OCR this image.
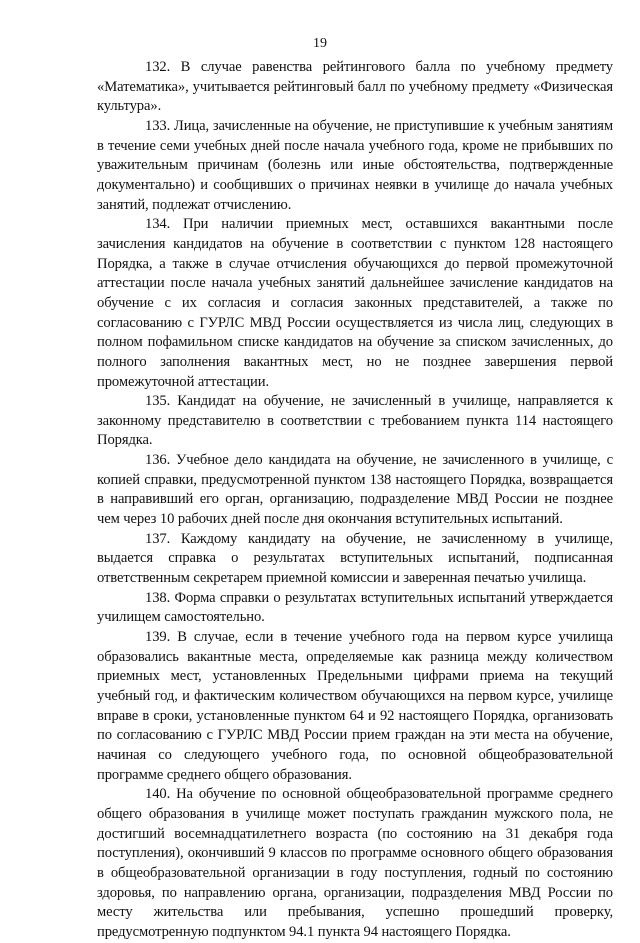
19

132. В случае равенства рейтингового балла по учебному предмету «Математика», учитывается рейтинговый балл по учебному предмету «Физическая культура».

133. Лица, зачисленные на обучение, не приступившие к учебным занятиям в течение семи учебных дней после начала учебного года, кроме не прибывших по уважительным причинам (болезнь или иные обстоятельства, подтвержденные документально) и сообщивших о причинах неявки в училище до начала учебных занятий, подлежат отчислению.

134. При наличии приемных мест, оставшихся вакантными после зачисления кандидатов на обучение в соответствии с пунктом 128 настоящего Порядка, а также в случае отчисления обучающихся до первой промежуточной аттестации после начала учебных занятий дальнейшее зачисление кандидатов на обучение с их согласия и согласия законных представителей, а также по согласованию с ГУРЛС МВД России осуществляется из числа лиц, следующих в полном пофамильном списке кандидатов на обучение за списком зачисленных, до полного заполнения вакантных мест, но не позднее завершения первой промежуточной аттестации.

135. Кандидат на обучение, не зачисленный в училище, направляется к законному представителю в соответствии с требованием пункта 114 настоящего Порядка.

136. Учебное дело кандидата на обучение, не зачисленного в училище, с копией справки, предусмотренной пунктом 138 настоящего Порядка, возвращается в направивший его орган, организацию, подразделение МВД России не позднее чем через 10 рабочих дней после дня окончания вступительных испытаний.

137. Каждому кандидату на обучение, не зачисленному в училище, выдается справка о результатах вступительных испытаний, подписанная ответственным секретарем приемной комиссии и заверенная печатью училища.

138. Форма справки о результатах вступительных испытаний утверждается училищем самостоятельно.

139. В случае, если в течение учебного года на первом курсе училища образовались вакантные места, определяемые как разница между количеством приемных мест, установленных Предельными цифрами приема на текущий учебный год, и фактическим количеством обучающихся на первом курсе, училище вправе в сроки, установленные пунктом 64 и 92 настоящего Порядка, организовать по согласованию с ГУРЛС МВД России прием граждан на эти места на обучение, начиная со следующего учебного года, по основной общеобразовательной программе среднего общего образования.

140. На обучение по основной общеобразовательной программе среднего общего образования в училище может поступать гражданин мужского пола, не достигший восемнадцатилетнего возраста (по состоянию на 31 декабря года поступления), окончивший 9 классов по программе основного общего образования в общеобразовательной организации в году поступления, годный по состоянию здоровья, по направлению органа, организации, подразделения МВД России по месту жительства или пребывания, успешно прошедший проверку, предусмотренную подпунктом 94.1 пункта 94 настоящего Порядка.
